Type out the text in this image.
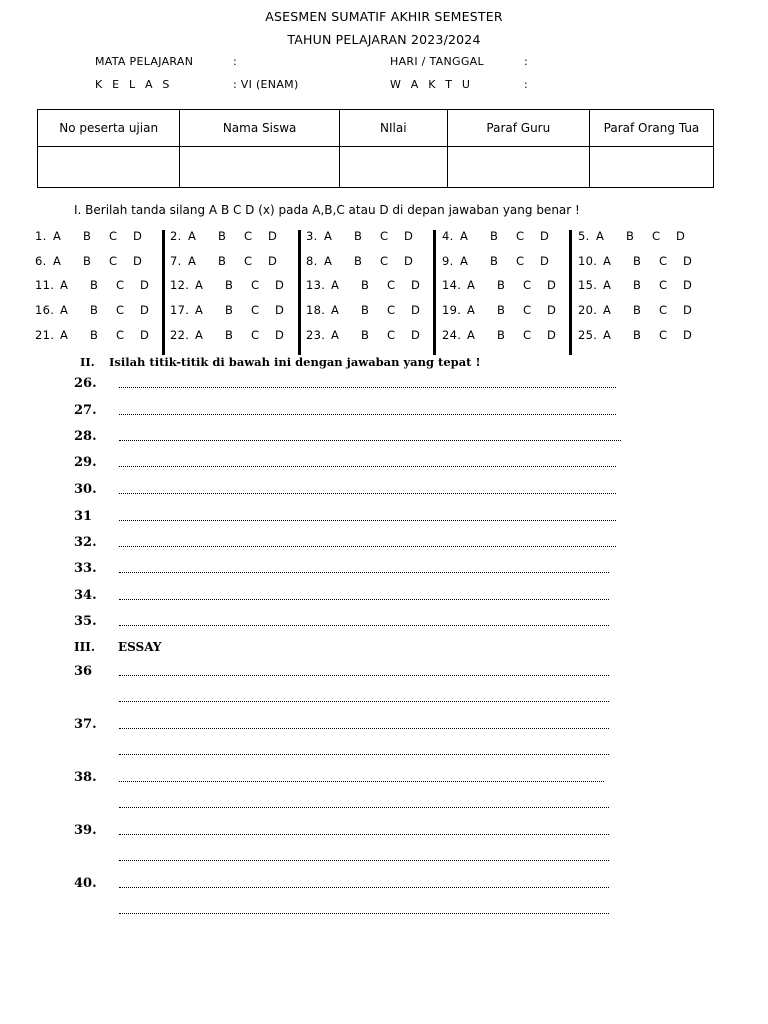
ASESMEN SUMATIF AKHIR SEMESTER
TAHUN PELAJARAN 2023/2024
MATA PELAJARAN	:	HARI / TANGGAL	:
K E L A S	: VI (ENAM)	W A K T U	:
No peserta ujian	Nama Siswa	NIlai	Paraf Guru	Paraf Orang Tua

I. Berilah tanda silang A B C D (x) pada A,B,C atau D di depan jawaban yang benar !
1. A B C D 2. A B C D	3. A B C D	4. A B C D	5. A B C D
6. A B C D 7. A B C D	8. A B C D	9. A B C D	10. A B C D
11. A B C D 12. A B C D 13. A B C D 14. A B C D 15. A B C D
16. A B C D 17. A B C D 18. A B C D 19. A B C D 20. A B C D
21. A B C D 22. A B C D 23. A B C D 24. A B C D 25. A B C D
II. Isilah titik-titik di bawah ini dengan jawaban yang tepat !
26.
27.
28.
29.
30.
31
32.
33.
34.
35.
III. ESSAY
36
37.
38.
39.
40.
